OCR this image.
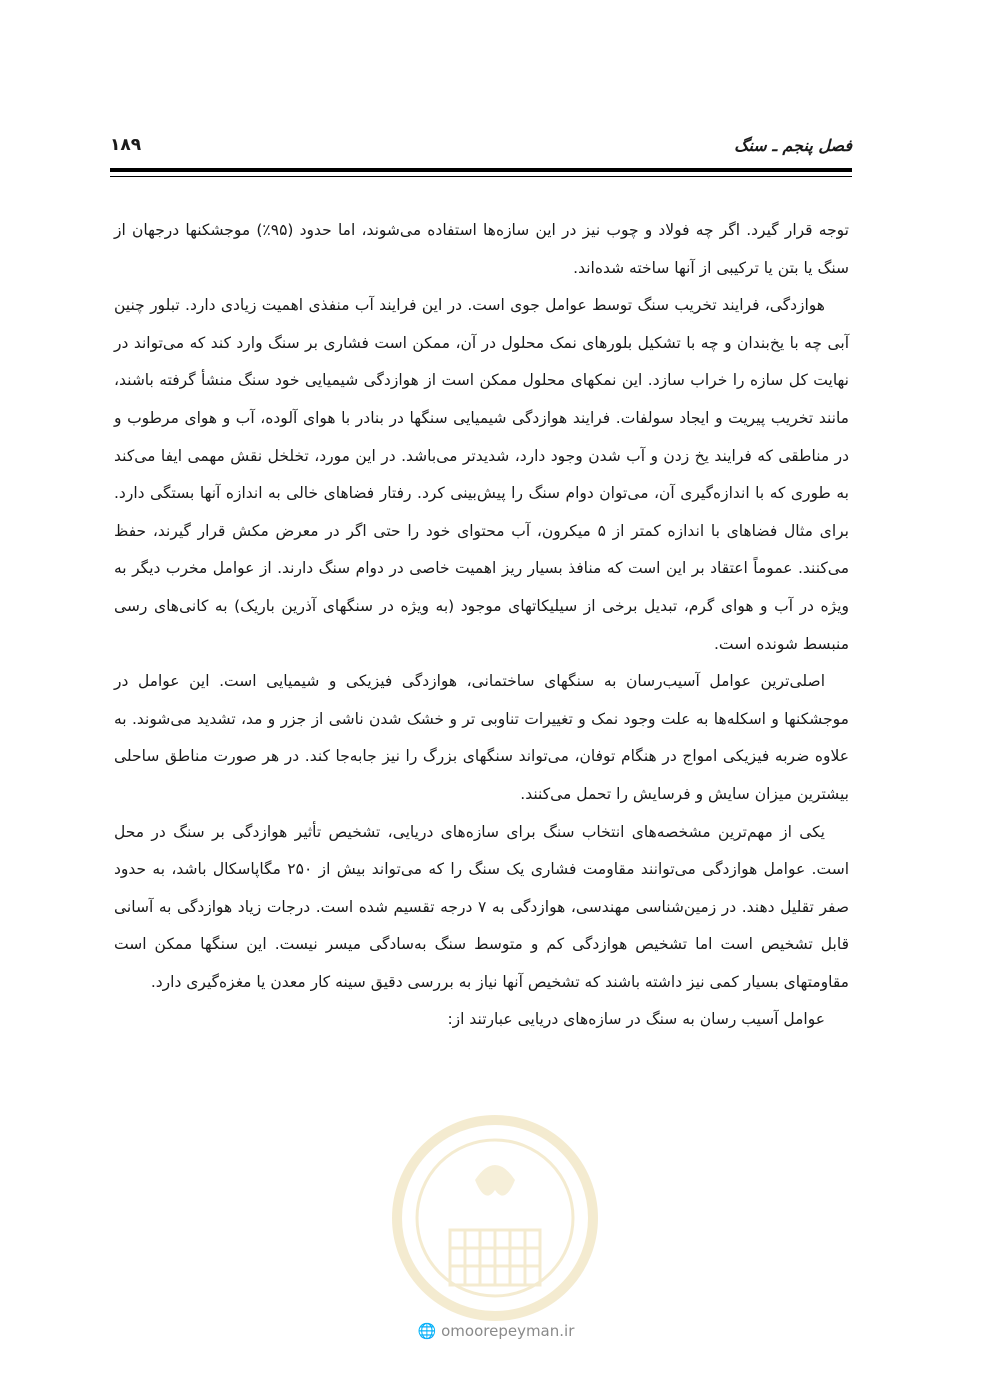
۱۸۹	فصل پنجم ـ سنگ

توجه قرار گیرد. اگر چه فولاد و چوب نیز در این سازه‌ها استفاده می‌شوند، اما حدود (۹۵٪) موجشکنها درجهان از سنگ یا بتن یا ترکیبی از آنها ساخته شده‌اند.

هوازدگی، فرایند تخریب سنگ توسط عوامل جوی است. در این فرایند آب منفذی اهمیت زیادی دارد. تبلور چنین آبی چه با یخ‌بندان و چه با تشکیل بلورهای نمک محلول در آن، ممکن است فشاری بر سنگ وارد کند که می‌تواند در نهایت کل سازه را خراب سازد. این نمکهای محلول ممکن است از هوازدگی شیمیایی خود سنگ منشأ گرفته باشند، مانند تخریب پیریت و ایجاد سولفات. فرایند هوازدگی شیمیایی سنگها در بنادر با هوای آلوده، آب و هوای مرطوب و در مناطقی که فرایند یخ زدن و آب شدن وجود دارد، شدیدتر می‌باشد. در این مورد، تخلخل نقش مهمی ایفا می‌کند به طوری که با اندازه‌گیری آن، می‌توان دوام سنگ را پیش‌بینی کرد. رفتار فضاهای خالی به اندازه آنها بستگی دارد. برای مثال فضاهای با اندازه کمتر از ۵ میکرون، آب محتوای خود را حتی اگر در معرض مکش قرار گیرند، حفظ می‌کنند. عموماً اعتقاد بر این است که منافذ بسیار ریز اهمیت خاصی در دوام سنگ دارند. از عوامل مخرب دیگر به ویژه در آب و هوای گرم، تبدیل برخی از سیلیکاتهای موجود (به ویژه در سنگهای آذرین باریک) به کانی‌های رسی منبسط شونده است.

اصلی‌ترین عوامل آسیب‌رسان به سنگهای ساختمانی، هوازدگی فیزیکی و شیمیایی است. این عوامل در موجشکنها و اسکله‌ها به علت وجود نمک و تغییرات تناوبی تر و خشک شدن ناشی از جزر و مد، تشدید می‌شوند. به علاوه ضربه فیزیکی امواج در هنگام توفان، می‌تواند سنگهای بزرگ را نیز جابه‌جا کند. در هر صورت مناطق ساحلی بیشترین میزان سایش و فرسایش را تحمل می‌کنند.

یکی از مهم‌ترین مشخصه‌های انتخاب سنگ برای سازه‌های دریایی، تشخیص تأثیر هوازدگی بر سنگ در محل است. عوامل هوازدگی می‌توانند مقاومت فشاری یک سنگ را که می‌تواند بیش از ۲۵۰ مگاپاسکال باشد، به حدود صفر تقلیل دهند. در زمین‌شناسی مهندسی، هوازدگی به ۷ درجه تقسیم شده است. درجات زیاد هوازدگی به آسانی قابل تشخیص است اما تشخیص هوازدگی کم و متوسط سنگ به‌سادگی میسر نیست. این سنگها ممکن است مقاومتهای بسیار کمی نیز داشته باشند که تشخیص آنها نیاز به بررسی دقیق سینه کار معدن یا مغزه‌گیری دارد.

عوامل آسیب رسان به سنگ در سازه‌های دریایی عبارتند از:

🌐 omoorepeyman.ir
